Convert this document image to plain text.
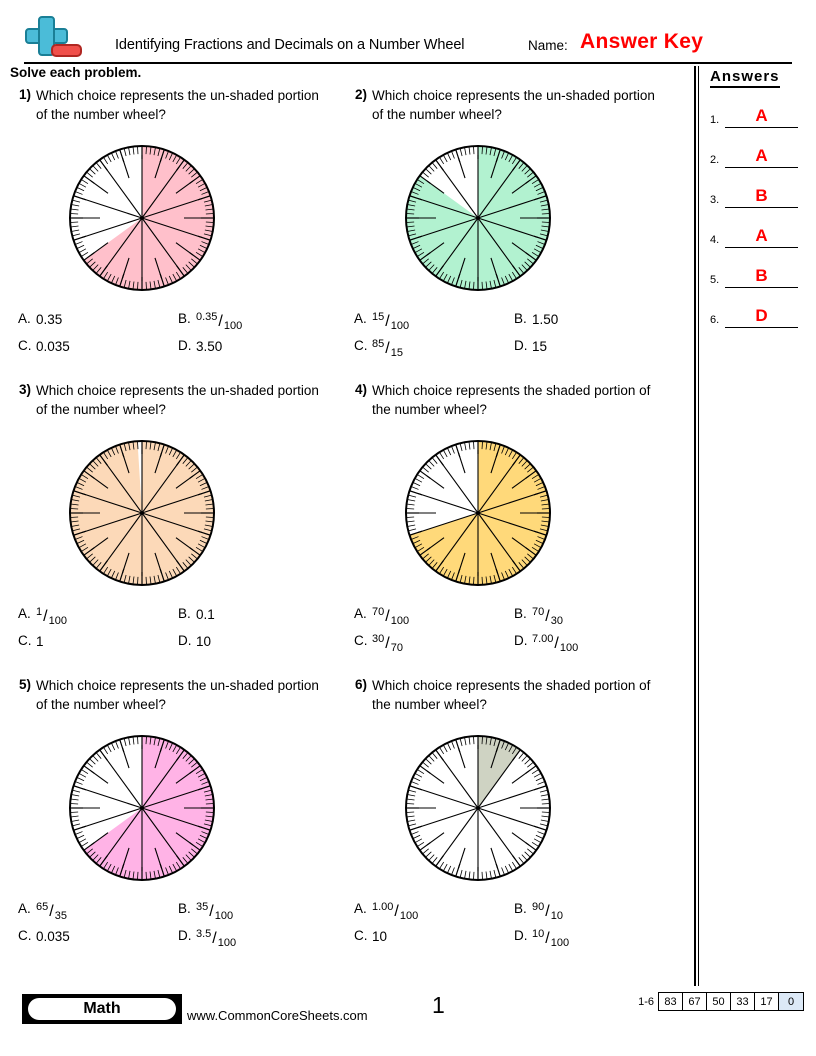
Identifying Fractions and Decimals on a Number Wheel	Name: Answer Key
Solve each problem.	Answers
1.	A
2.	A
3.	B
4.	A
5.	B
6.	D
1) Which choice represents the un-shaded portion of the number wheel?
A. 0.35	B. $^{0.35}/_{100}$
C. 0.035	D. 3.50
2) Which choice represents the un-shaded portion of the number wheel?
A. $^{15}/_{100}$
B. 1.50
C. $^{85}/_{15}$
D. 15
3) Which choice represents the un-shaded portion of the number wheel?
A. $^1/_{100}$
B. 0.1
C. 1	D. 10
4) Which choice represents the shaded portion of the number wheel?
A. $^{70}/_{100}$
B. $^{70}/_{30}$
C. $^{30}/_{70}$
D. $^{7.00}/_{100}$
5) Which choice represents the un-shaded portion of the number wheel?
A. $^{65}/_{35}$
B. $^{35}/_{100}$
C. 0.035	D. $^{3.5}/_{100}$
6) Which choice represents the shaded portion of the number wheel?
A. $^{1.00}/_{100}$
B. $^{90}/_{10}$
C. 10	D. $^{10}/_{100}$
Math	www.CommonCoreSheets.com	1	1-6 83	67	50	33	17	0
